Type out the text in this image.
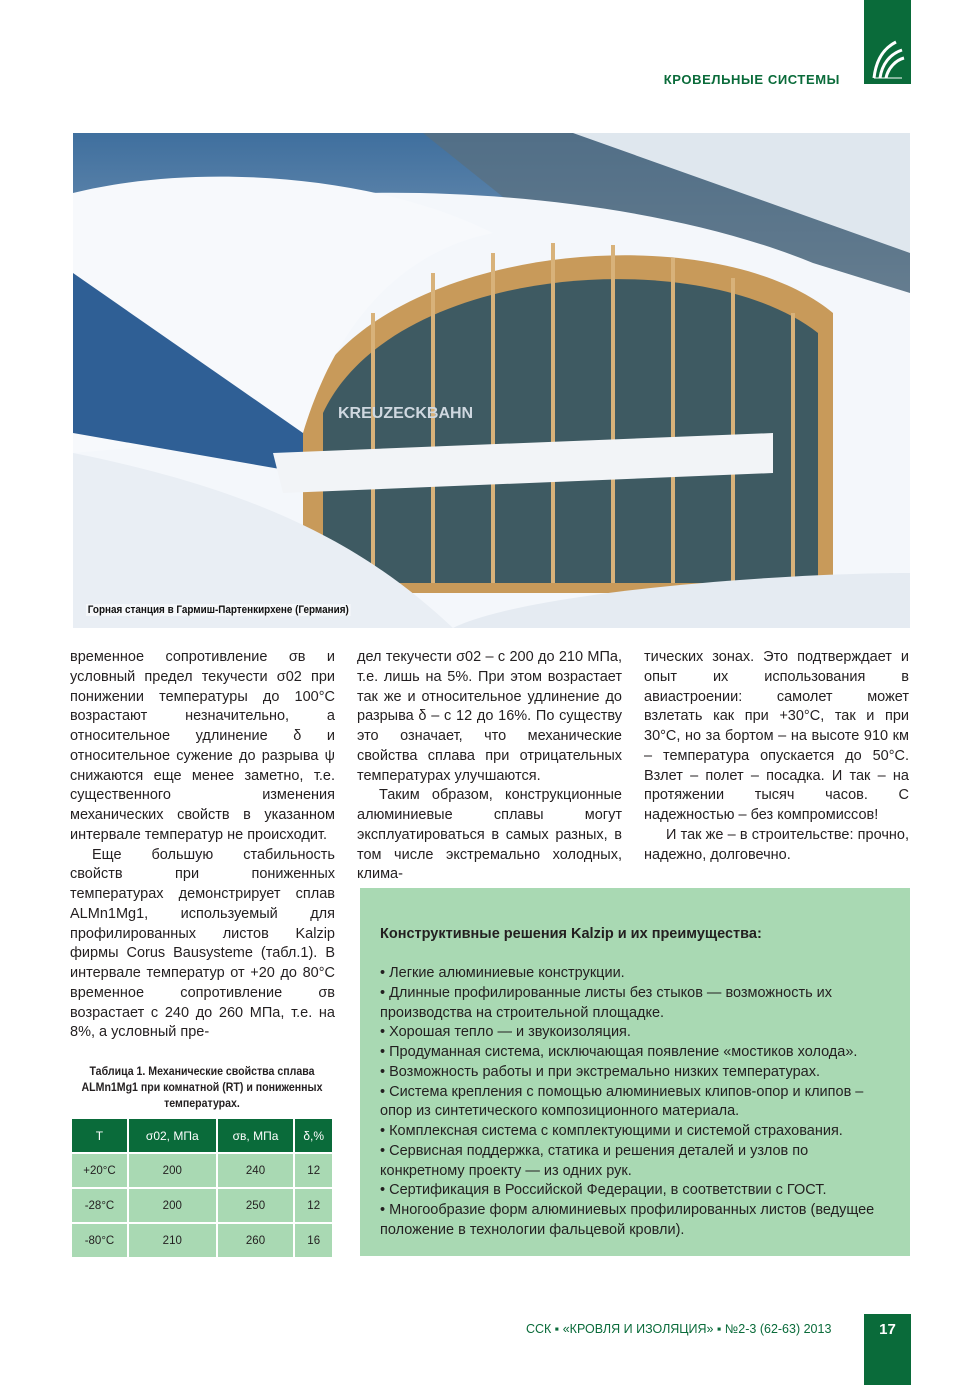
КРОВЕЛЬНЫЕ СИСТЕМЫ
KREUZECKBAHN
Горная станция в Гармиш-Партенкирхене (Германия)

временное сопротивление σв и условный предел текучести σ02 при понижении температуры до 100°С возрастают незначительно, а относительное удлинение δ и относительное сужение до разрыва ψ снижаются еще менее заметно, т.е. существенного изменения механических свойств в указанном интервале температур не происходит.

Еще большую стабильность свойств при пониженных температурах демонстрирует сплав ALMn1Mg1, используемый для профилированных листов Kalzip фирмы Corus Bausysteme (табл.1). В интервале температур от +20 до 80°С временное сопротивление σв возрастает с 240 до 260 МПа, т.е. на 8%, а условный пре-

дел текучести σ02 – с 200 до 210 МПа, т.е. лишь на 5%. При этом возрастает так же и относительное удлинение до разрыва δ – с 12 до 16%. По существу это означает, что механические свойства сплава при отрицательных температурах улучшаются.

Таким образом, конструкционные алюминиевые сплавы могут эксплуатироваться в самых разных, в том числе экстремально холодных, клима-

тических зонах. Это подтверждает и опыт их использования в авиастроении: самолет может взлетать как при +30°С, так и при 30°С, но за бортом – на высоте 910 км – температура опускается до 50°С. Взлет – полет – посадка. И так – на протяжении тысяч часов. С надежностью – без компромиссов!

И так же – в строительстве: прочно, надежно, долговечно.

Таблица 1. Механические свойства сплава ALMn1Mg1 при комнатной (RT) и пониженных температурах.
T	σ02, МПа	σв, МПа	δ,%
+20°C	200	240	12
-28°C	200	250	12
-80°C	210	260	16
Конструктивные решения Kalzip и их преимущества:
• Легкие алюминиевые конструкции.
• Длинные профилированные листы без стыков — возможность их производства на строительной площадке.
• Хорошая тепло — и звукоизоляция.
• Продуманная система, исключающая появление «мостиков холода».
• Возможность работы и при экстремально низких температурах.
• Система крепления с помощью алюминиевых клипов-опор и клипов – опор из синтетического композиционного материала.
• Комплексная система с комплектующими и системой страхования.
• Сервисная поддержка, статика и решения деталей и узлов по конкретному проекту — из одних рук.
• Сертификация в Российской Федерации, в соответствии с ГОСТ.
• Многообразие форм алюминиевых профилированных листов (ведущее положение в технологии фальцевой кровли).
ССК ▪ «КРОВЛЯ И ИЗОЛЯЦИЯ» ▪ №2-3 (62-63) 2013	17
